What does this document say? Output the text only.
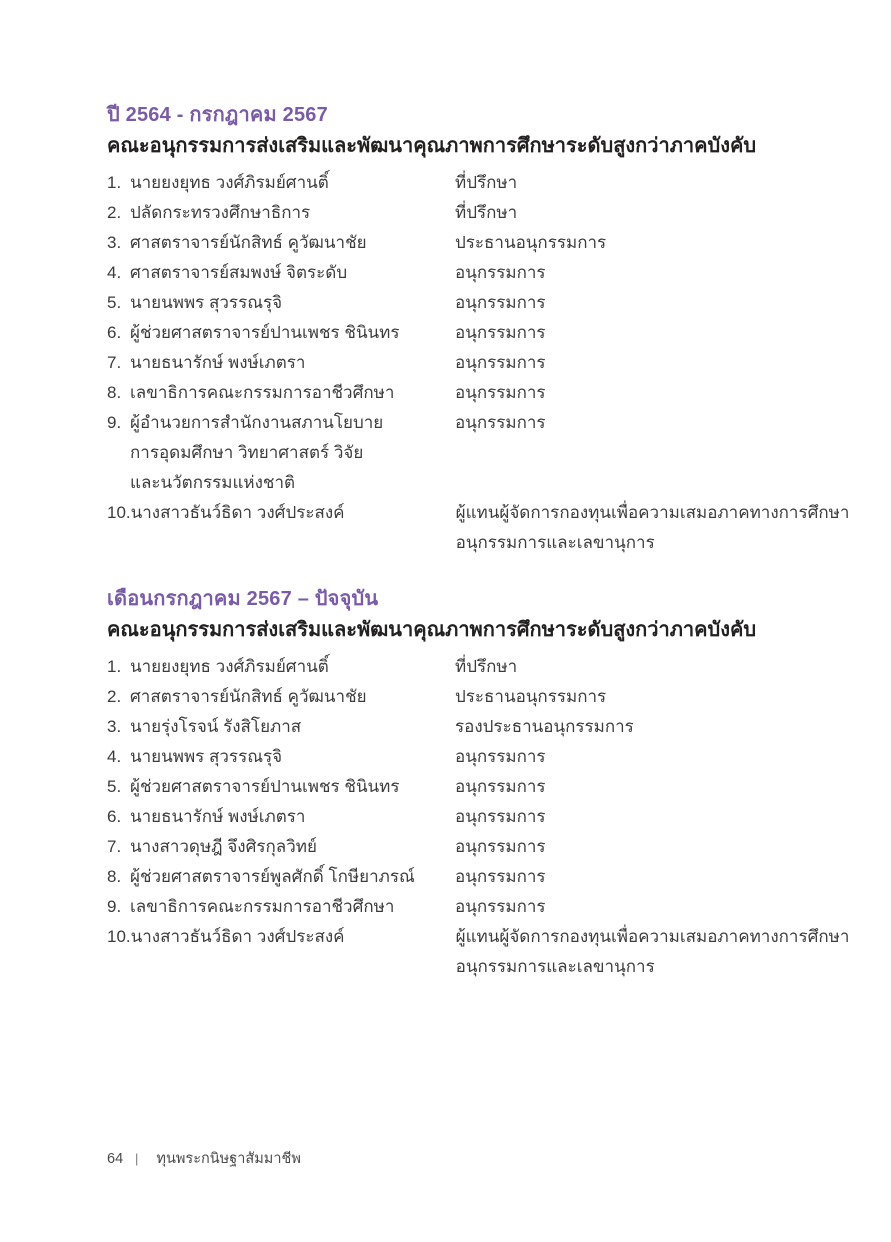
ปี 2564 - กรกฎาคม 2567
คณะอนุกรรมการส่งเสริมและพัฒนาคุณภาพการศึกษาระดับสูงกว่าภาคบังคับ
1. นายยงยุทธ วงศ์ภิรมย์ศานติ์	ที่ปรึกษา
2. ปลัดกระทรวงศึกษาธิการ	ที่ปรึกษา
3. ศาสตราจารย์นักสิทธ์ คูวัฒนาชัย	ประธานอนุกรรมการ
4. ศาสตราจารย์สมพงษ์ จิตระดับ	อนุกรรมการ
5. นายนพพร สุวรรณรุจิ	อนุกรรมการ
6. ผู้ช่วยศาสตราจารย์ปานเพชร ชินินทร	อนุกรรมการ
7. นายธนารักษ์ พงษ์เภตรา	อนุกรรมการ
8. เลขาธิการคณะกรรมการอาชีวศึกษา	อนุกรรมการ
9. ผู้อำนวยการสำนักงานสภานโยบาย
การอุดมศึกษา วิทยาศาสตร์ วิจัย
และนวัตกรรมแห่งชาติ
อนุกรรมการ
10. นางสาวธันว์ธิดา วงศ์ประสงค์	ผู้แทนผู้จัดการกองทุนเพื่อความเสมอภาคทางการศึกษา
อนุกรรมการและเลขานุการ
เดือนกรกฎาคม 2567 – ปัจจุบัน
คณะอนุกรรมการส่งเสริมและพัฒนาคุณภาพการศึกษาระดับสูงกว่าภาคบังคับ
1. นายยงยุทธ วงศ์ภิรมย์ศานติ์	ที่ปรึกษา
2. ศาสตราจารย์นักสิทธ์ คูวัฒนาชัย	ประธานอนุกรรมการ
3. นายรุ่งโรจน์ รังสิโยภาส	รองประธานอนุกรรมการ
4. นายนพพร สุวรรณรุจิ	อนุกรรมการ
5. ผู้ช่วยศาสตราจารย์ปานเพชร ชินินทร	อนุกรรมการ
6. นายธนารักษ์ พงษ์เภตรา	อนุกรรมการ
7. นางสาวดุษฎี จึงศิรกุลวิทย์	อนุกรรมการ
8. ผู้ช่วยศาสตราจารย์พูลศักดิ์ โกษียาภรณ์	อนุกรรมการ
9. เลขาธิการคณะกรรมการอาชีวศึกษา	อนุกรรมการ
10. นางสาวธันว์ธิดา วงศ์ประสงค์	ผู้แทนผู้จัดการกองทุนเพื่อความเสมอภาคทางการศึกษา
อนุกรรมการและเลขานุการ
64 | ทุนพระกนิษฐาสัมมาชีพ
